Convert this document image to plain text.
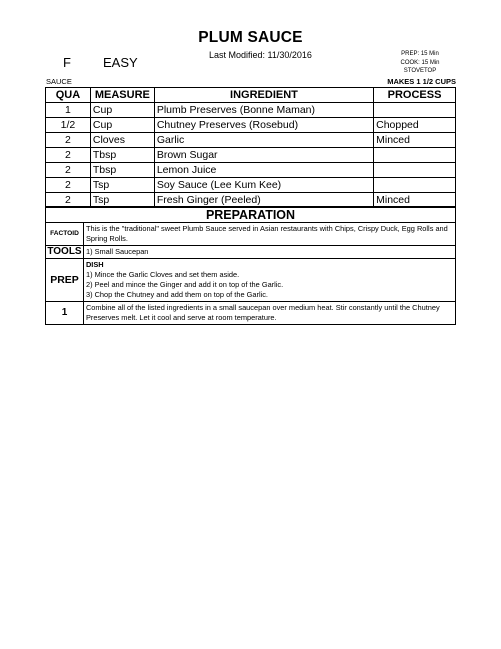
PLUM SAUCE
Last Modified: 11/30/2016
F EASY
PREP: 15 Min
COOK: 15 Min
STOVETOP
SAUCE	MAKES 1 1/2 CUPS
QUA	MEASURE	INGREDIENT	PROCESS
1	Cup	Plumb Preserves (Bonne Maman)	
1/2	Cup	Chutney Preserves (Rosebud)	Chopped
2	Cloves	Garlic	Minced
2	Tbsp	Brown Sugar	
2	Tbsp	Lemon Juice	
2	Tsp	Soy Sauce (Lee Kum Kee)	
2	Tsp	Fresh Ginger (Peeled)	Minced
PREPARATION	
FACTOID	This is the "traditional" sweet Plumb Sauce served in Asian restaurants with Chips, Crispy Duck, Egg Rolls and Spring Rolls.
TOOLS	1) Small Saucepan
PREP	DISH
1) Mince the Garlic Cloves and set them aside.
2) Peel and mince the Ginger and add it on top of the Garlic.
3) Chop the Chutney and add them on top of the Garlic.

1	Combine all of the listed ingredients in a small saucepan over medium heat. Stir constantly until the Chutney Preserves melt. Let it cool and serve at room temperature.
